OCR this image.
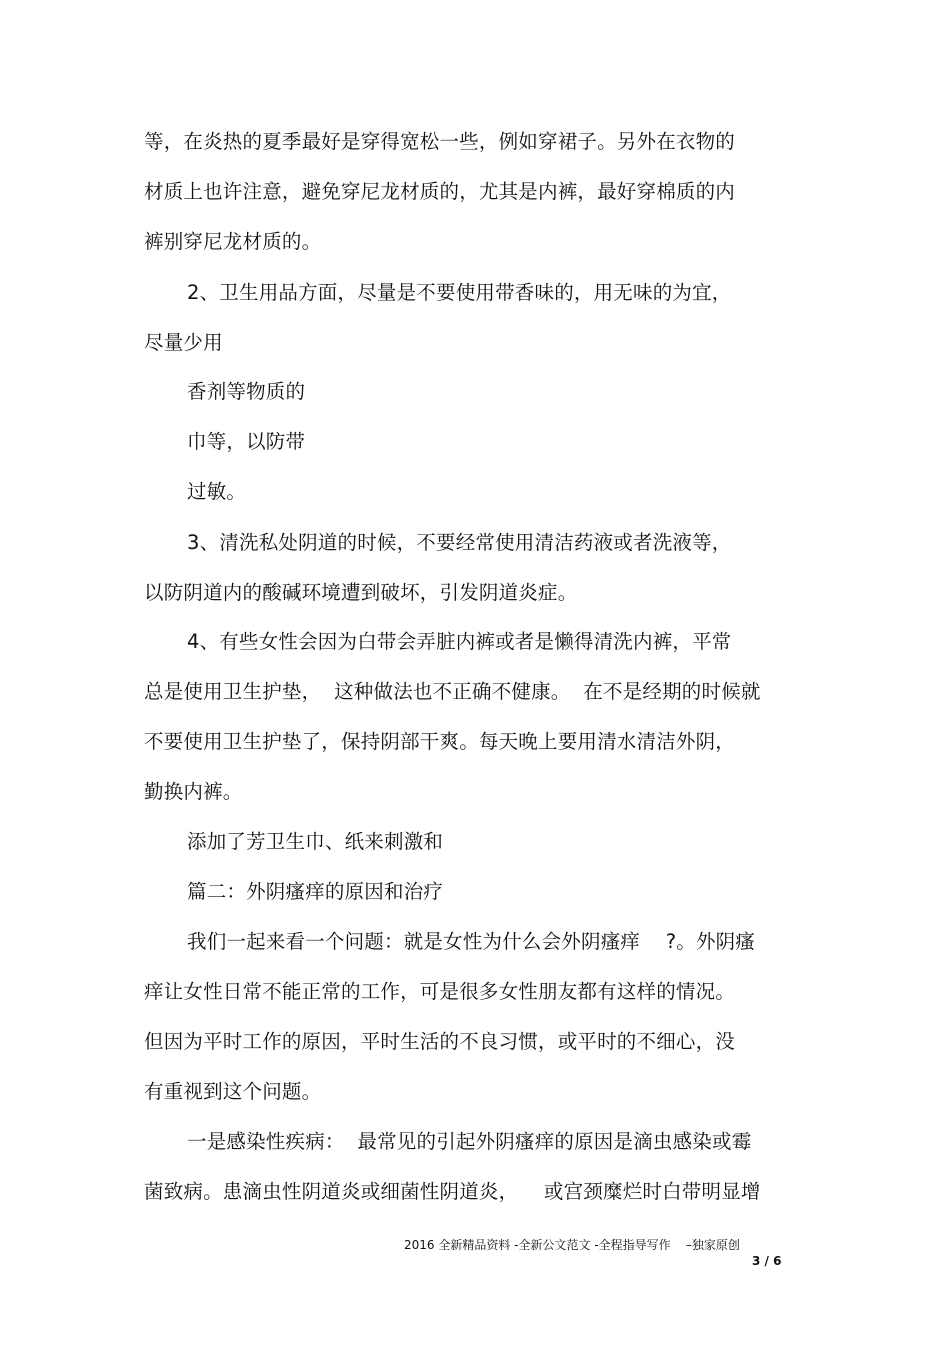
等，在炎热的夏季最好是穿得宽松一些，例如穿裙子。另外在衣物的
材质上也许注意，避免穿尼龙材质的，尤其是内裤，最好穿棉质的内
裤别穿尼龙材质的。
2、卫生用品方面，尽量是不要使用带香味的，用无味的为宜，
尽量少用
香剂等物质的
巾等，以防带
过敏。
3、清洗私处阴道的时候，不要经常使用清洁药液或者洗液等，
以防阴道内的酸碱环境遭到破坏，引发阴道炎症。
4、有些女性会因为白带会弄脏内裤或者是懒得清洗内裤，平常
总是使用卫生护垫，  这种做法也不正确不健康。  在不是经期的时候就
不要使用卫生护垫了，保持阴部干爽。每天晚上要用清水清洁外阴，
勤换内裤。
添加了芳卫生巾、纸来刺激和
篇二：外阴瘙痒的原因和治疗
我们一起来看一个问题：就是女性为什么会外阴瘙痒    ?。外阴瘙
痒让女性日常不能正常的工作，可是很多女性朋友都有这样的情况。
但因为平时工作的原因，平时生活的不良习惯，或平时的不细心，没
有重视到这个问题。
一是感染性疾病：  最常见的引起外阴瘙痒的原因是滴虫感染或霉
菌致病。患滴虫性阴道炎或细菌性阴道炎，    或宫颈糜烂时白带明显增
2016 全新精品资料 -全新公文范文 -全程指导写作    –独家原创
3 / 6
